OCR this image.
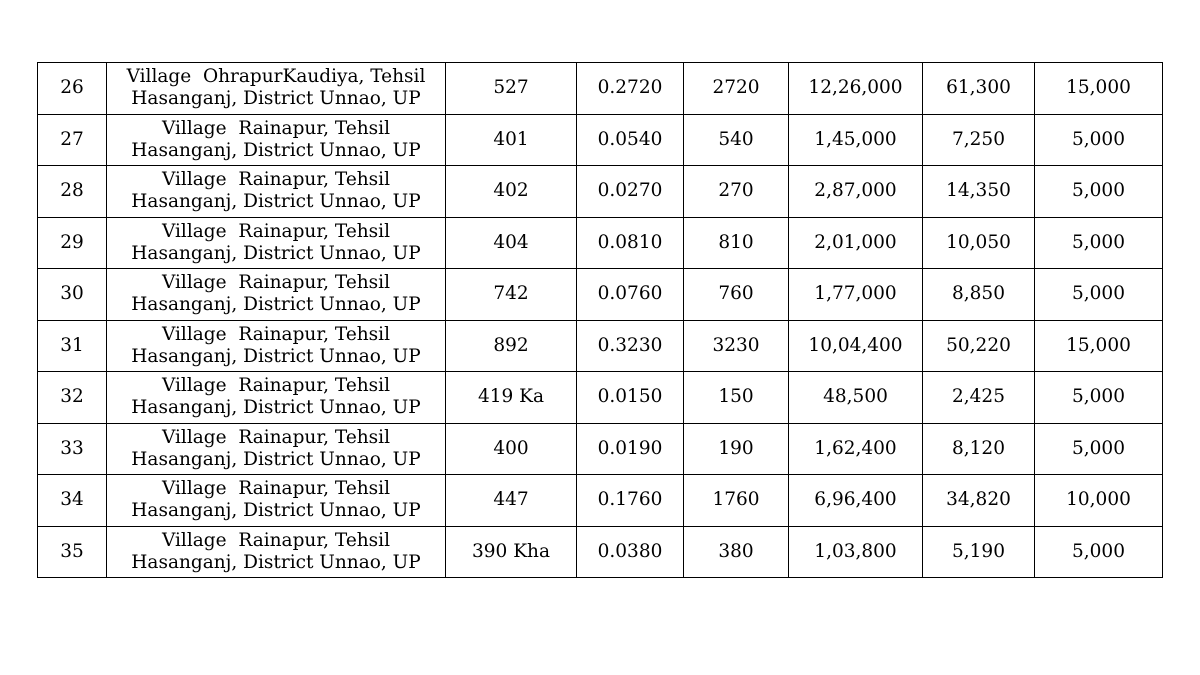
26	Village  OhrapurKaudiya, Tehsil
Hasanganj, District Unnao, UP	527	0.2720	2720	12,26,000	61,300	15,000
27	Village  Rainapur, Tehsil
Hasanganj, District Unnao, UP	401	0.0540	540	1,45,000	7,250	5,000
28	Village  Rainapur, Tehsil
Hasanganj, District Unnao, UP	402	0.0270	270	2,87,000	14,350	5,000
29	Village  Rainapur, Tehsil
Hasanganj, District Unnao, UP	404	0.0810	810	2,01,000	10,050	5,000
30	Village  Rainapur, Tehsil
Hasanganj, District Unnao, UP	742	0.0760	760	1,77,000	8,850	5,000
31	Village  Rainapur, Tehsil
Hasanganj, District Unnao, UP	892	0.3230	3230	10,04,400	50,220	15,000
32	Village  Rainapur, Tehsil
Hasanganj, District Unnao, UP	419 Ka	0.0150	150	48,500	2,425	5,000
33	Village  Rainapur, Tehsil
Hasanganj, District Unnao, UP	400	0.0190	190	1,62,400	8,120	5,000
34	Village  Rainapur, Tehsil
Hasanganj, District Unnao, UP	447	0.1760	1760	6,96,400	34,820	10,000
35	Village  Rainapur, Tehsil
Hasanganj, District Unnao, UP	390 Kha	0.0380	380	1,03,800	5,190	5,000
